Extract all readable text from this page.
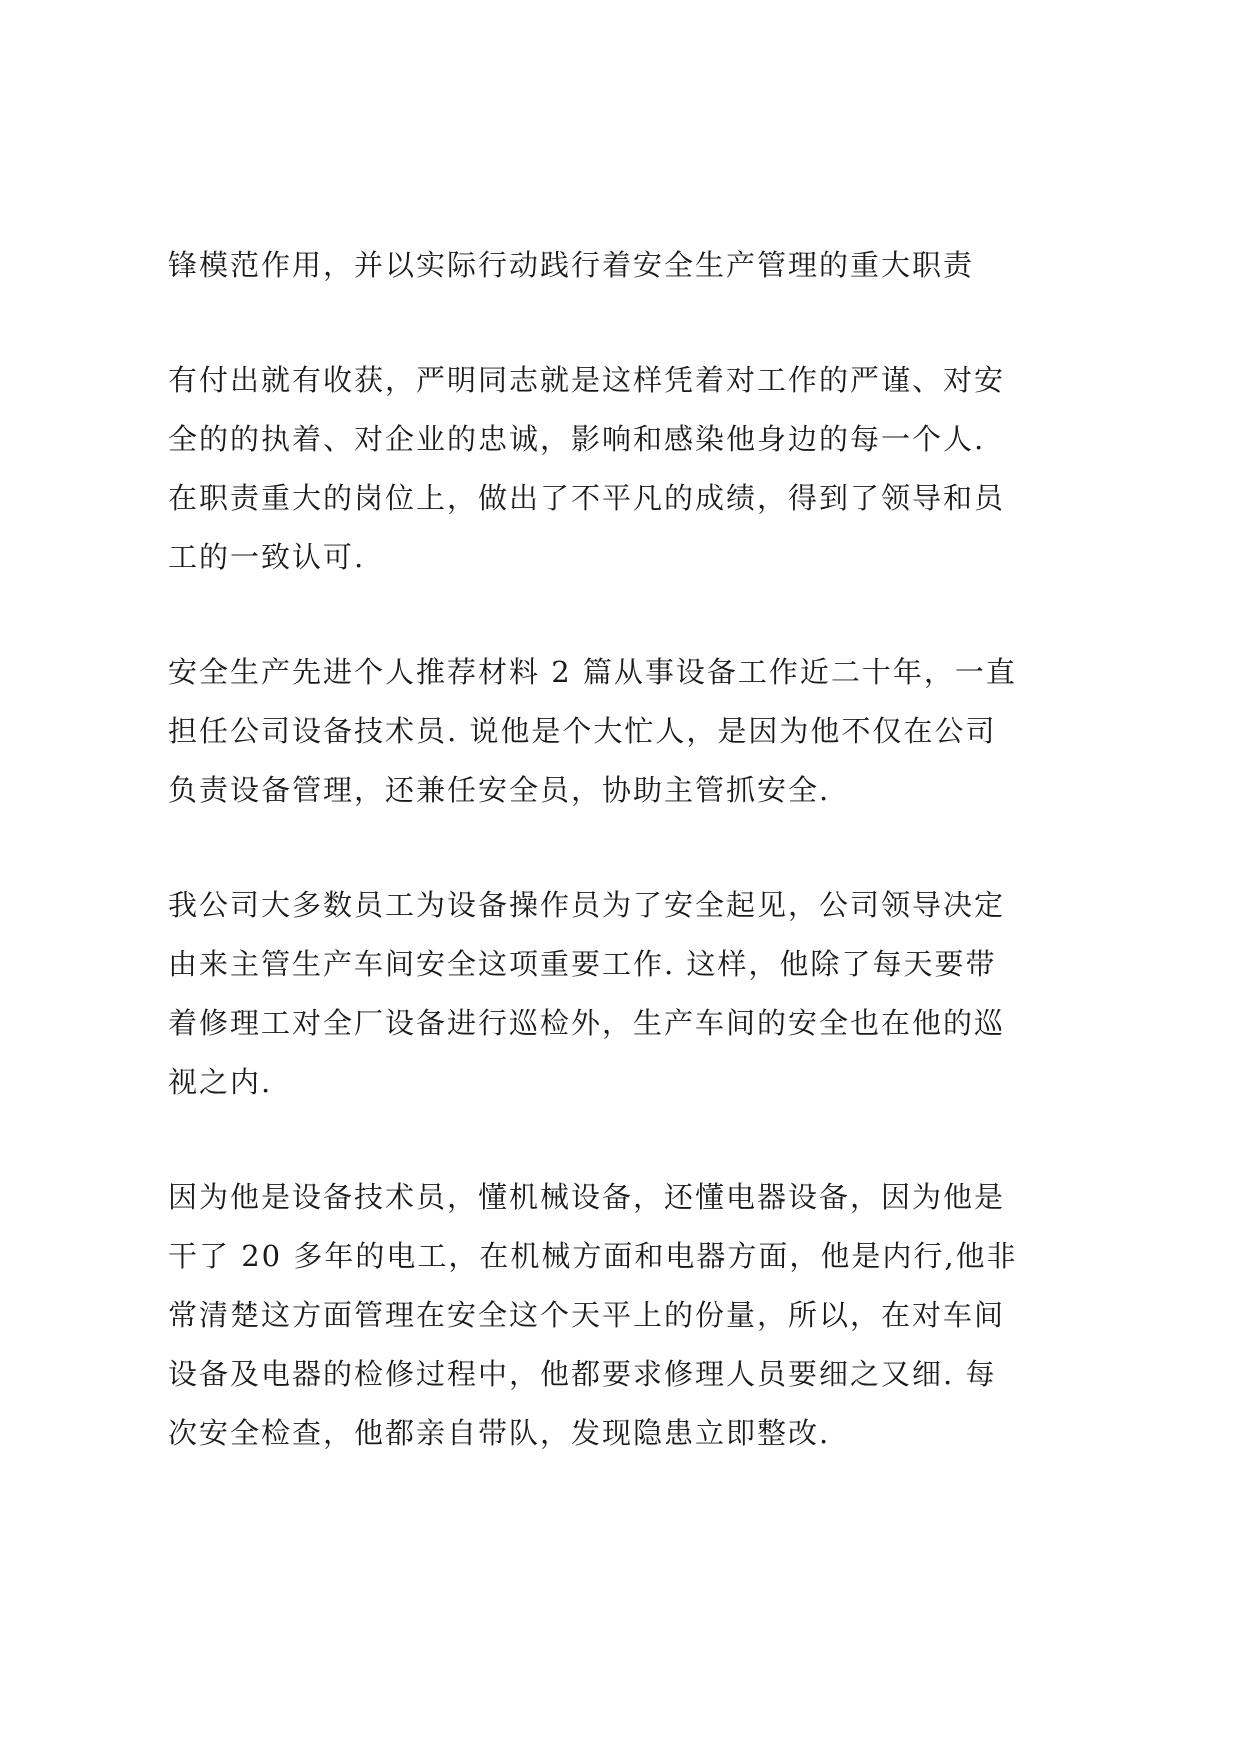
锋模范作用，并以实际行动践行着安全生产管理的重大职责
有付出就有收获，严明同志就是这样凭着对工作的严谨、对安
全的的执着、对企业的忠诚，影响和感染他身边的每一个人.
在职责重大的岗位上，做出了不平凡的成绩，得到了领导和员
工的一致认可.
安全生产先进个人推荐材料 2 篇从事设备工作近二十年，一直
担任公司设备技术员. 说他是个大忙人，是因为他不仅在公司
负责设备管理，还兼任安全员，协助主管抓安全.
我公司大多数员工为设备操作员为了安全起见，公司领导决定
由来主管生产车间安全这项重要工作. 这样，他除了每天要带
着修理工对全厂设备进行巡检外，生产车间的安全也在他的巡
视之内.
因为他是设备技术员，懂机械设备，还懂电器设备，因为他是
干了 20 多年的电工，在机械方面和电器方面，他是内行,他非
常清楚这方面管理在安全这个天平上的份量，所以，在对车间
设备及电器的检修过程中，他都要求修理人员要细之又细. 每
次安全检查，他都亲自带队，发现隐患立即整改.
